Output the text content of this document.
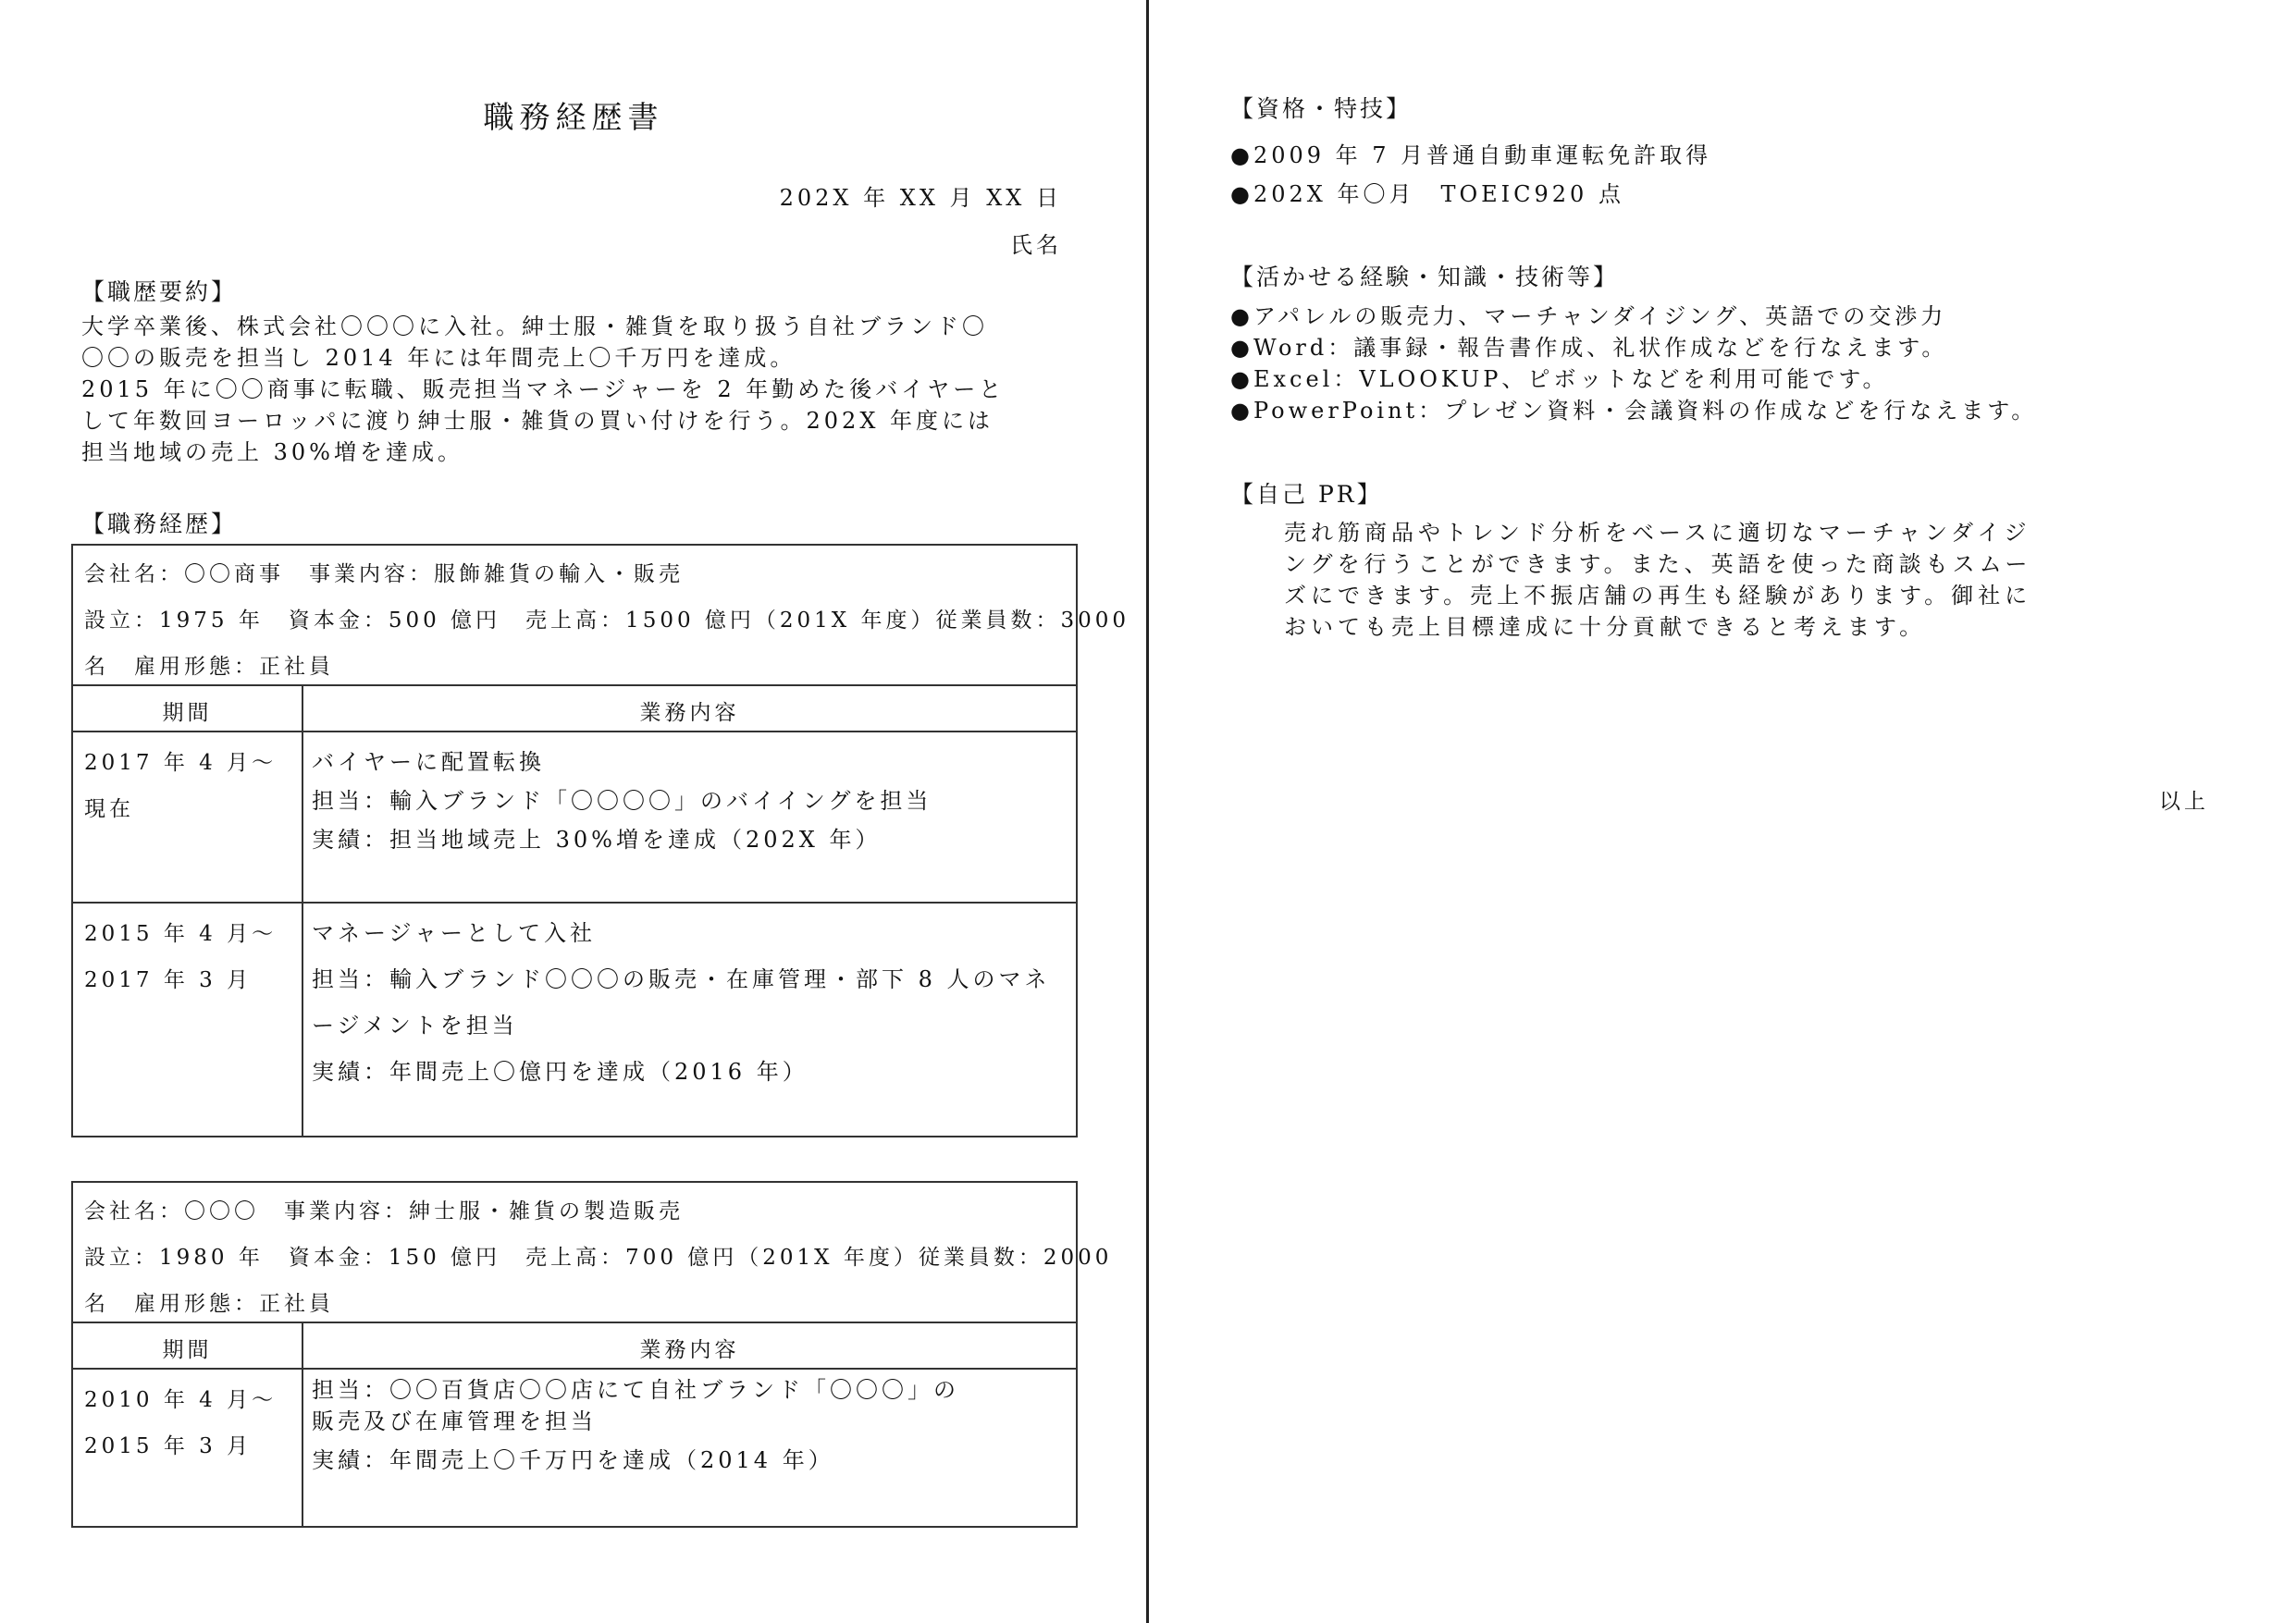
職務経歴書
202X 年 XX 月 XX 日
氏名
【職歴要約】
大学卒業後、株式会社〇〇〇に入社。紳士服・雑貨を取り扱う自社ブランド〇
〇〇の販売を担当し 2014 年には年間売上〇千万円を達成。
2015 年に〇〇商事に転職、販売担当マネージャーを 2 年勤めた後バイヤーと
して年数回ヨーロッパに渡り紳士服・雑貨の買い付けを行う。202X 年度には
担当地域の売上 30%増を達成。
【職務経歴】
会社名：〇〇商事　事業内容：服飾雑貨の輸入・販売
設立：1975 年　資本金：500 億円　売上高：1500 億円（201X 年度）従業員数：3000
名　雇用形態：正社員
期間	業務内容
2017 年 4 月～
現在
バイヤーに配置転換
担当：輸入ブランド「〇〇〇〇」のバイイングを担当
実績：担当地域売上 30%増を達成（202X 年）
2015 年 4 月～
2017 年 3 月
マネージャーとして入社
担当：輸入ブランド〇〇〇の販売・在庫管理・部下 8 人のマネ
ージメントを担当
実績：年間売上〇億円を達成（2016 年）
会社名：〇〇〇　事業内容：紳士服・雑貨の製造販売
設立：1980 年　資本金：150 億円　売上高：700 億円（201X 年度）従業員数：2000
名　雇用形態：正社員
期間	業務内容
2010 年 4 月～
2015 年 3 月
担当：〇〇百貨店〇〇店にて自社ブランド「〇〇〇」の
販売及び在庫管理を担当
実績：年間売上〇千万円を達成（2014 年）
【資格・特技】
●2009 年 7 月普通自動車運転免許取得
●202X 年〇月　TOEIC920 点
【活かせる経験・知識・技術等】
●アパレルの販売力、マーチャンダイジング、英語での交渉力
●Word：議事録・報告書作成、礼状作成などを行なえます。
●Excel：VLOOKUP、ピボットなどを利用可能です。
●PowerPoint：プレゼン資料・会議資料の作成などを行なえます。
【自己 PR】
売れ筋商品やトレンド分析をベースに適切なマーチャンダイジ
ングを行うことができます。また、英語を使った商談もスムー
ズにできます。売上不振店舗の再生も経験があります。御社に
おいても売上目標達成に十分貢献できると考えます。
以上
